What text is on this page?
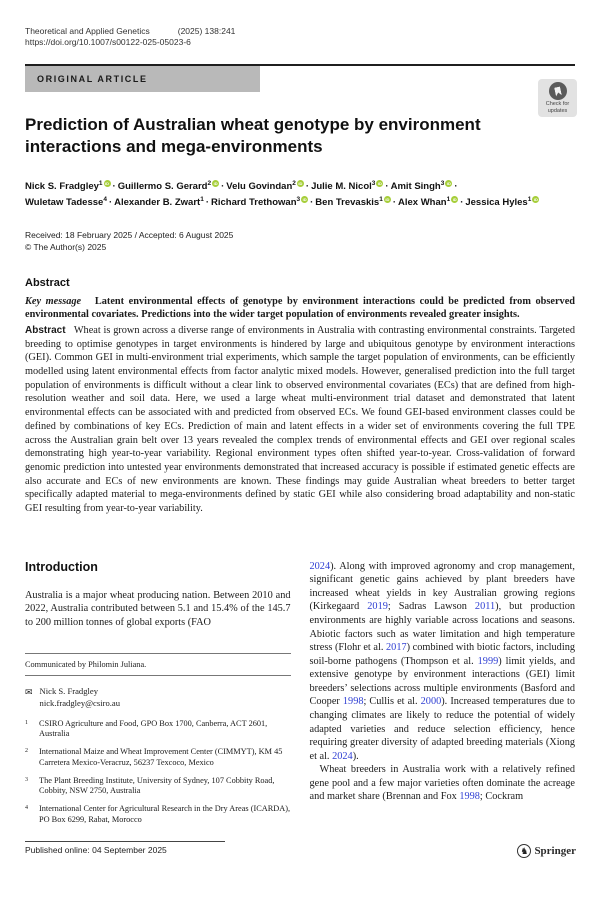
Theoretical and Applied Genetics	(2025) 138:241
https://doi.org/10.1007/s00122-025-05023-6
ORIGINAL ARTICLE
Prediction of Australian wheat genotype by environment interactions and mega-environments
Nick S. Fradgley$^1$ iD · Guillermo S. Gerard$^2$ iD · Velu Govindan$^2$ iD · Julie M. Nicol$^3$ iD · Amit Singh$^3$ iD ·
Wuletaw Tadesse$^4$ · Alexander B. Zwart$^1$ · Richard Trethowan$^3$ iD · Ben Trevaskis$^1$ iD · Alex Whan$^1$ iD · Jessica Hyles$^1$ iD
Received: 18 February 2025 / Accepted: 6 August 2025
© The Author(s) 2025
Abstract
Key message Latent environmental effects of genotype by environment interactions could be predicted from observed environmental covariates. Predictions into the wider target population of environments revealed greater insights.
Abstract Wheat is grown across a diverse range of environments in Australia with contrasting environmental constraints. Targeted breeding to optimise genotypes in target environments is hindered by large and ubiquitous genotype by environment interactions (GEI). Common GEI in multi-environment trial experiments, which sample the target population of environments, can be efficiently modelled using latent environmental effects from factor analytic mixed models. However, generalised prediction into the full target population of environments is difficult without a clear link to observed environmental covariates (ECs) that are defined from high-resolution weather and soil data. Here, we used a large wheat multi-environment trial dataset and demonstrated that latent environmental effects can be associated with and predicted from observed ECs. We found GEI-based environment classes could be defined by combinations of key ECs. Prediction of main and latent effects in a wider set of environments covering the full TPE across the Australian grain belt over 13 years revealed the complex trends of environmental effects and GEI over regional scales demonstrating high year-to-year variability. Regional environment types often shifted year-to-year. Cross-validation of forward genomic prediction into untested year environments demonstrated that increased accuracy is possible if estimated genetic effects are also accurate and ECs of new environments are known. These findings may guide Australian wheat breeders to better target specifically adapted material to mega-environments defined by static GEI while also considering broad adaptability and non-static GEI resulting from year-to-year variability.
Introduction
Australia is a major wheat producing nation. Between 2010 and 2022, Australia contributed between 5.1 and 15.4% of the 145.7 to 200 million tonnes of global exports (FAO
Communicated by Philomin Juliana.
✉ Nick S. Fradgley
nick.fradgley@csiro.au
1	CSIRO Agriculture and Food, GPO Box 1700, Canberra, ACT 2601, Australia
2	International Maize and Wheat Improvement Center (CIMMYT), KM 45 Carretera Mexico-Veracruz, 56237 Texcoco, Mexico
3	The Plant Breeding Institute, University of Sydney, 107 Cobbity Road, Cobbity, NSW 2750, Australia
4	International Center for Agricultural Research in the Dry Areas (ICARDA), PO Box 6299, Rabat, Morocco
2024). Along with improved agronomy and crop management, significant genetic gains achieved by plant breeders have increased wheat yields in key Australian growing regions (Kirkegaard 2019; Sadras Lawson 2011), but production environments are highly variable across locations and seasons. Abiotic factors such as water limitation and high temperature stress (Flohr et al. 2017) combined with biotic factors, including soil-borne pathogens (Thompson et al. 1999) limit yields, and extensive genotype by environment interactions (GEI) limit breeders’ selections across multiple environments (Basford and Cooper 1998; Cullis et al. 2000). Increased temperatures due to changing climates are likely to reduce the potential of widely adapted varieties and reduce selection efficiency, hence requiring greater diversity of adapted breeding materials (Xiong et al. 2024).
Wheat breeders in Australia work with a relatively refined gene pool and a few major varieties often dominate the acreage and market share (Brennan and Fox 1998; Cockram
Check for
updates
Published online: 04 September 2025	♞ Springer
